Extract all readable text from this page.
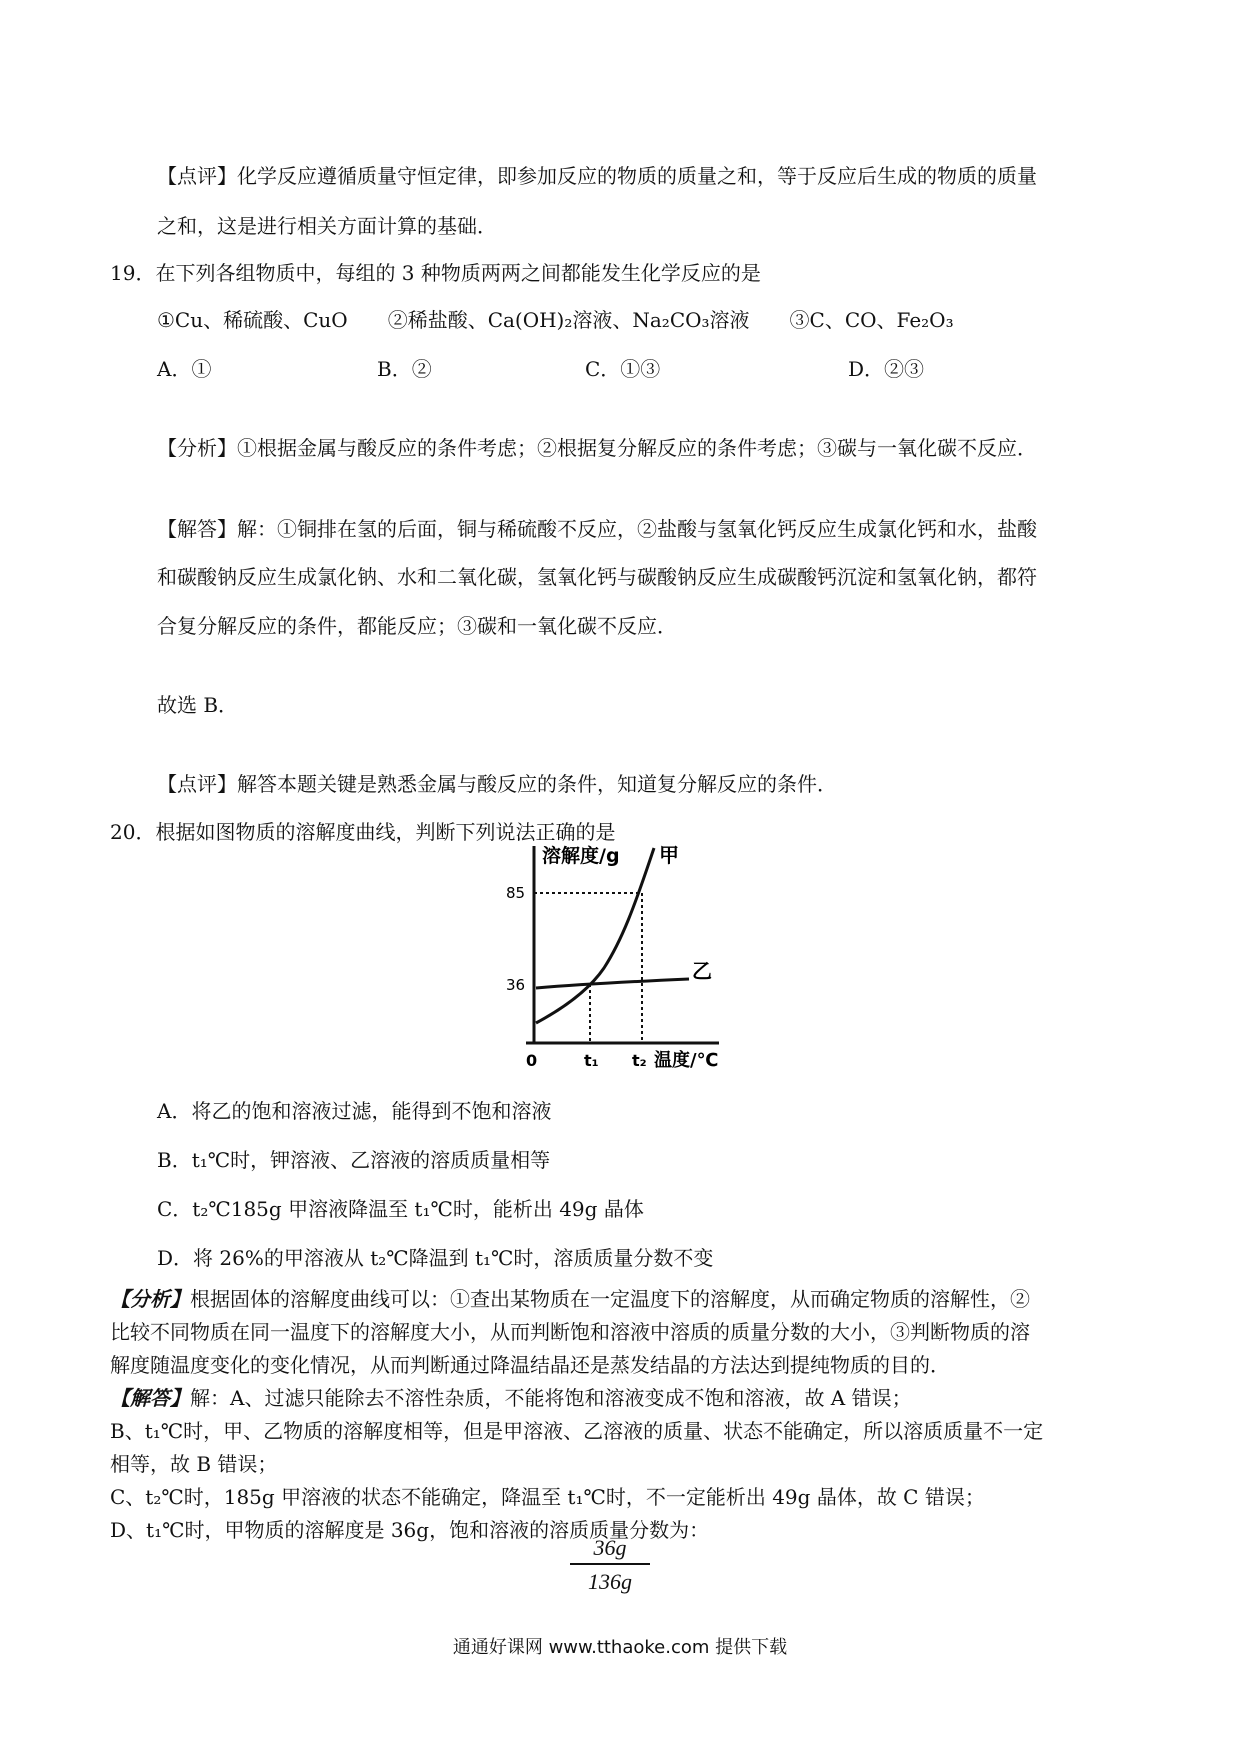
【点评】化学反应遵循质量守恒定律，即参加反应的物质的质量之和，等于反应后生成的物质的质量
之和，这是进行相关方面计算的基础．
19．在下列各组物质中，每组的 3 种物质两两之间都能发生化学反应的是
①Cu、稀硫酸、CuO　　②稀盐酸、Ca(OH)₂溶液、Na₂CO₃溶液　　③C、CO、Fe₂O₃
A．①	B．②	C．①③	D．②③
【分析】①根据金属与酸反应的条件考虑；②根据复分解反应的条件考虑；③碳与一氧化碳不反应．
【解答】解：①铜排在氢的后面，铜与稀硫酸不反应，②盐酸与氢氧化钙反应生成氯化钙和水，盐酸
和碳酸钠反应生成氯化钠、水和二氧化碳，氢氧化钙与碳酸钠反应生成碳酸钙沉淀和氢氧化钠，都符
合复分解反应的条件，都能反应；③碳和一氧化碳不反应．
故选 B．
【点评】解答本题关键是熟悉金属与酸反应的条件，知道复分解反应的条件．
20．根据如图物质的溶解度曲线，判断下列说法正确的是
A．将乙的饱和溶液过滤，能得到不饱和溶液
B．t₁℃时，钾溶液、乙溶液的溶质质量相等
C．t₂℃185g 甲溶液降温至 t₁℃时，能析出 49g 晶体
D．将 26%的甲溶液从 t₂℃降温到 t₁℃时，溶质质量分数不变
【分析】根据固体的溶解度曲线可以：①查出某物质在一定温度下的溶解度，从而确定物质的溶解性，②
比较不同物质在同一温度下的溶解度大小，从而判断饱和溶液中溶质的质量分数的大小，③判断物质的溶
解度随温度变化的变化情况，从而判断通过降温结晶还是蒸发结晶的方法达到提纯物质的目的．
【解答】解：A、过滤只能除去不溶性杂质，不能将饱和溶液变成不饱和溶液，故 A 错误；
B、t₁℃时，甲、乙物质的溶解度相等，但是甲溶液、乙溶液的质量、状态不能确定，所以溶质质量不一定
相等，故 B 错误；
C、t₂℃时，185g 甲溶液的状态不能确定，降温至 t₁℃时，不一定能析出 49g 晶体，故 C 错误；
D、t₁℃时，甲物质的溶解度是 36g，饱和溶液的溶质质量分数为：
溶解度/g
85
36
0	t₁ t₂ 温度/℃
甲
乙
36g
136g
通通好课网 www.tthaoke.com 提供下载
